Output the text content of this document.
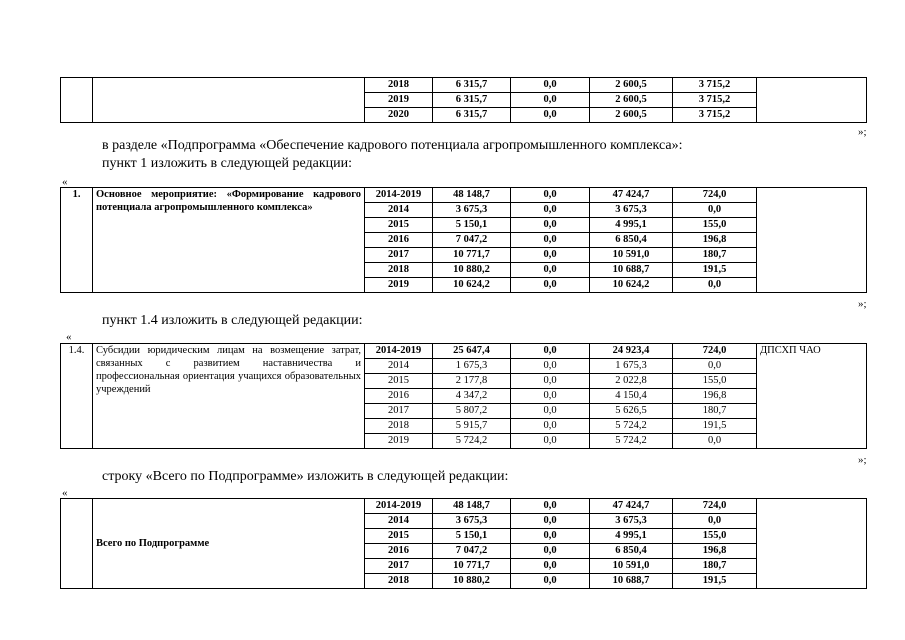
		2018	6 315,7	0,0	2 600,5	3 715,2	
		2019	6 315,7	0,0	2 600,5	3 715,2	
		2020	6 315,7	0,0	2 600,5	3 715,2	
»;
в разделе «Подпрограмма «Обеспечение кадрового потенциала агропромышленного комплекса»:
пункт 1 изложить в следующей редакции:
«
1.	Основное мероприятие: «Формирование кадрового потенциала агропромышленного комплекса»	2014-2019	48 148,7	0,0	47 424,7	724,0	
		2014	3 675,3	0,0	3 675,3	0,0	
		2015	5 150,1	0,0	4 995,1	155,0	
		2016	7 047,2	0,0	6 850,4	196,8	
		2017	10 771,7	0,0	10 591,0	180,7	
		2018	10 880,2	0,0	10 688,7	191,5	
		2019	10 624,2	0,0	10 624,2	0,0	
»;
пункт 1.4 изложить в следующей редакции:
«
1.4.	Субсидии юридическим лицам на возмещение затрат, связанных с развитием наставничества и профессиональная ориентация учащихся образовательных учреждений	2014-2019	25 647,4	0,0	24 923,4	724,0	ДПСХП ЧАО
		2014	1 675,3	0,0	1 675,3	0,0	
		2015	2 177,8	0,0	2 022,8	155,0	
		2016	4 347,2	0,0	4 150,4	196,8	
		2017	5 807,2	0,0	5 626,5	180,7	
		2018	5 915,7	0,0	5 724,2	191,5	
		2019	5 724,2	0,0	5 724,2	0,0	
»;
строку «Всего по Подпрограмме» изложить в следующей редакции:
«
	Всего по Подпрограмме	2014-2019	48 148,7	0,0	47 424,7	724,0	
		2014	3 675,3	0,0	3 675,3	0,0	
		2015	5 150,1	0,0	4 995,1	155,0	
		2016	7 047,2	0,0	6 850,4	196,8	
		2017	10 771,7	0,0	10 591,0	180,7	
		2018	10 880,2	0,0	10 688,7	191,5	
